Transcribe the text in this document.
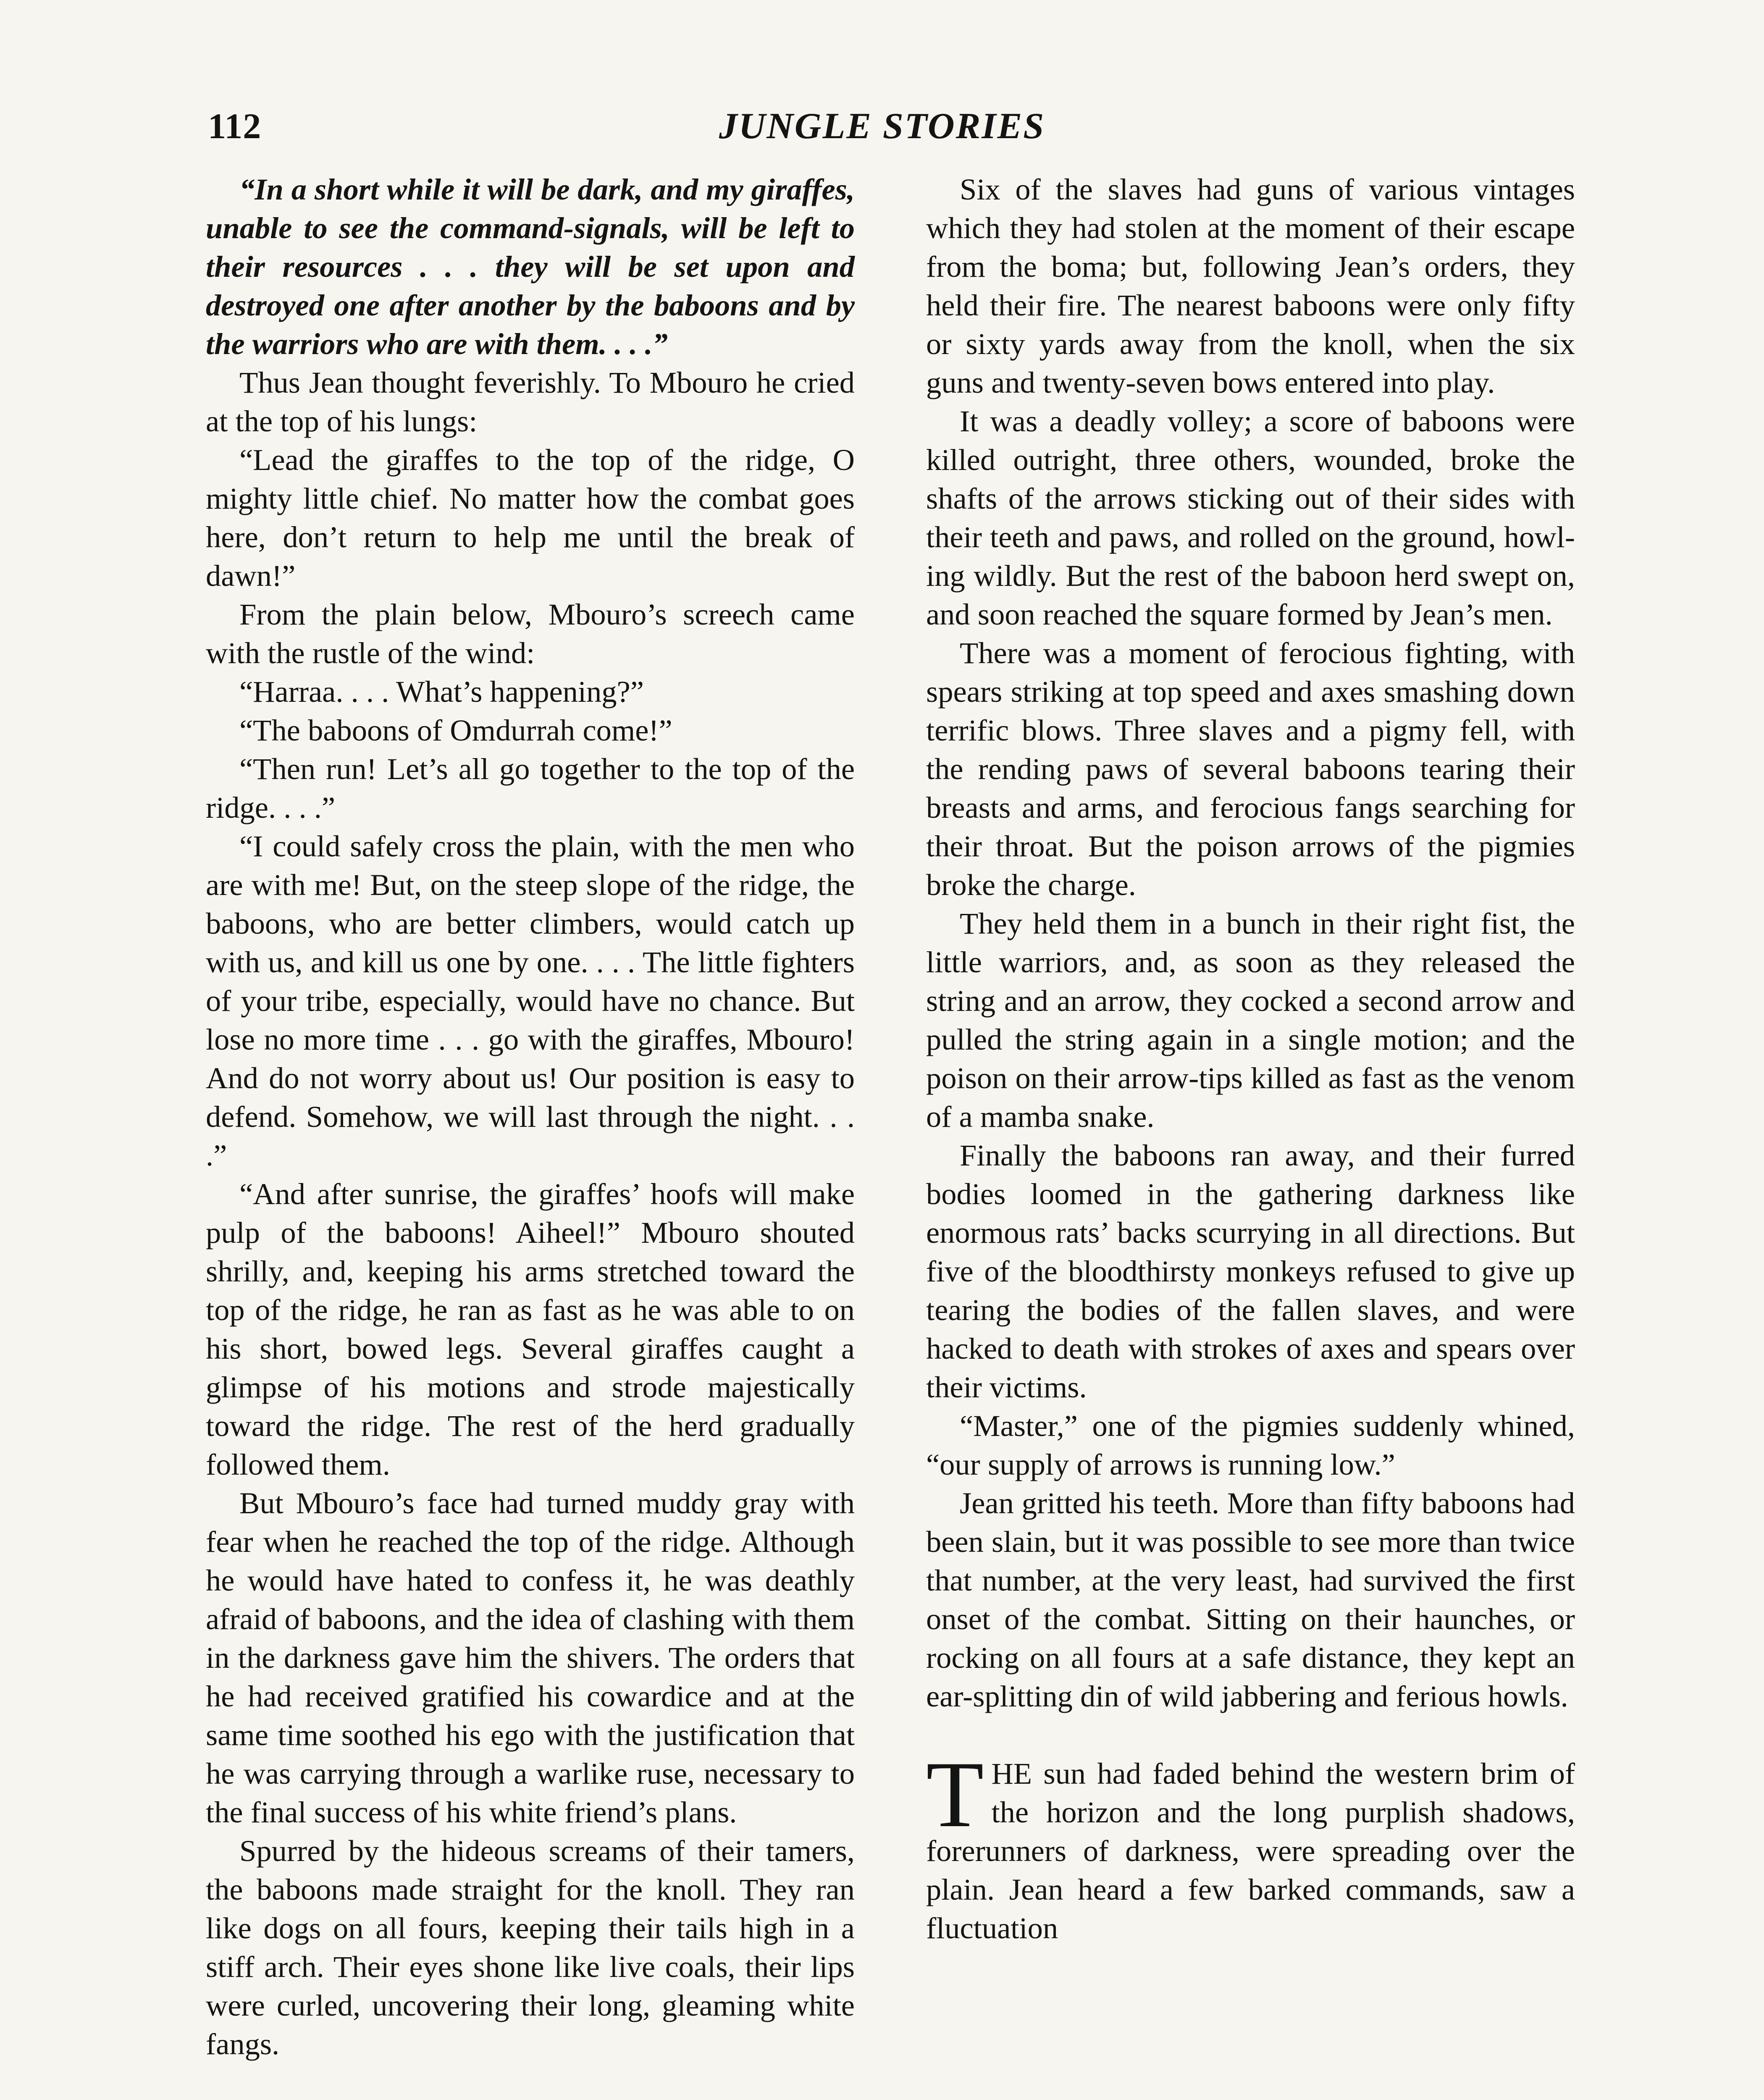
112	JUNGLE STORIES

“In a short while it will be dark, and my giraffes, unable to see the command-signals, will be left to their resources . . . they will be set upon and destroyed one after another by the baboons and by the warriors who are with them. . . .”

Thus Jean thought feverishly. To Mbouro he cried at the top of his lungs:

“Lead the giraffes to the top of the ridge, O mighty little chief. No matter how the combat goes here, don’t return to help me until the break of dawn!”

From the plain below, Mbouro’s screech came with the rustle of the wind:

“Harraa. . . . What’s happening?”

“The baboons of Omdurrah come!”

“Then run! Let’s all go together to the top of the ridge. . . .”

“I could safely cross the plain, with the men who are with me! But, on the steep slope of the ridge, the baboons, who are better climbers, would catch up with us, and kill us one by one. . . . The little fighters of your tribe, especially, would have no chance. But lose no more time . . . go with the giraffes, Mbouro! And do not worry about us! Our position is easy to defend. Somehow, we will last through the night. . . .”

“And after sunrise, the giraffes’ hoofs will make pulp of the baboons! Aiheel!” Mbouro shouted shrilly, and, keeping his arms stretched toward the top of the ridge, he ran as fast as he was able to on his short, bowed legs. Several giraffes caught a glimpse of his motions and strode majestically toward the ridge. The rest of the herd gradually followed them.

But Mbouro’s face had turned muddy gray with fear when he reached the top of the ridge. Although he would have hated to confess it, he was deathly afraid of baboons, and the idea of clashing with them in the darkness gave him the shivers. The orders that he had received gratified his cowardice and at the same time soothed his ego with the justification that he was carrying through a warlike ruse, necessary to the final success of his white friend’s plans.

Spurred by the hideous screams of their tamers, the baboons made straight for the knoll. They ran like dogs on all fours, keeping their tails high in a stiff arch. Their eyes shone like live coals, their lips were curled, uncovering their long, gleaming white fangs.

Six of the slaves had guns of various vintages which they had stolen at the moment of their escape from the boma; but, following Jean’s orders, they held their fire. The nearest baboons were only fifty or sixty yards away from the knoll, when the six guns and twenty-seven bows entered into play.

It was a deadly volley; a score of baboons were killed outright, three others, wounded, broke the shafts of the arrows sticking out of their sides with their teeth and paws, and rolled on the ground, howling wildly. But the rest of the baboon herd swept on, and soon reached the square formed by Jean’s men.

There was a moment of ferocious fighting, with spears striking at top speed and axes smashing down terrific blows. Three slaves and a pigmy fell, with the rending paws of several baboons tearing their breasts and arms, and ferocious fangs searching for their throat. But the poison arrows of the pigmies broke the charge.

They held them in a bunch in their right fist, the little warriors, and, as soon as they released the string and an arrow, they cocked a second arrow and pulled the string again in a single motion; and the poison on their arrow-tips killed as fast as the venom of a mamba snake.

Finally the baboons ran away, and their furred bodies loomed in the gathering darkness like enormous rats’ backs scurrying in all directions. But five of the bloodthirsty monkeys refused to give up tearing the bodies of the fallen slaves, and were hacked to death with strokes of axes and spears over their victims.

“Master,” one of the pigmies suddenly whined, “our supply of arrows is running low.”

Jean gritted his teeth. More than fifty baboons had been slain, but it was possible to see more than twice that number, at the very least, had survived the first onset of the combat. Sitting on their haunches, or rocking on all fours at a safe distance, they kept an ear-splitting din of wild jabbering and ferious howls.

THE sun had faded behind the western brim of the horizon and the long purplish shadows, forerunners of darkness, were spreading over the plain. Jean heard a few barked commands, saw a fluctuation
